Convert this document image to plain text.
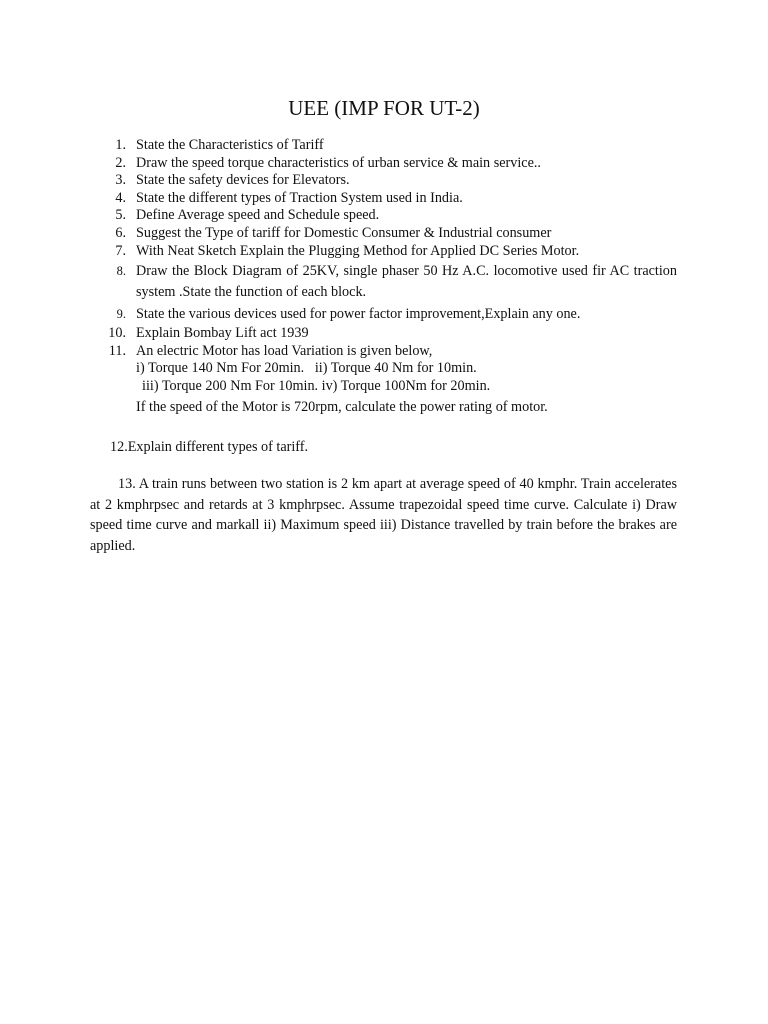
UEE (IMP FOR UT-2)
1. State the Characteristics of Tariff
2. Draw the speed torque characteristics of urban service & main service..
3. State the safety devices for Elevators.
4. State the different types of Traction System used in India.
5. Define Average speed and Schedule speed.
6. Suggest the Type of tariff for Domestic Consumer & Industrial consumer
7. With Neat Sketch Explain the Plugging Method for Applied DC Series Motor.
8. Draw the Block Diagram of 25KV, single phaser 50 Hz A.C. locomotive used fir AC traction system .State the function of each block.
9. State the various devices used for power factor improvement,Explain any one.
10. Explain Bombay Lift act 1939
11. An electric Motor has load Variation is given below,
i) Torque 140 Nm For 20min.   ii) Torque 40 Nm for 10min.
iii) Torque 200 Nm For 10min. iv) Torque 100Nm for 20min.
If the speed of the Motor is 720rpm, calculate the power rating of motor.
12.Explain different types of tariff.
13. A train runs between two station is 2 km apart at average speed of 40 kmphr. Train accelerates at 2 kmphrpsec and retards at 3 kmphrpsec. Assume trapezoidal speed time curve. Calculate i) Draw speed time curve and markall ii) Maximum speed iii) Distance travelled by train before the brakes are applied.
